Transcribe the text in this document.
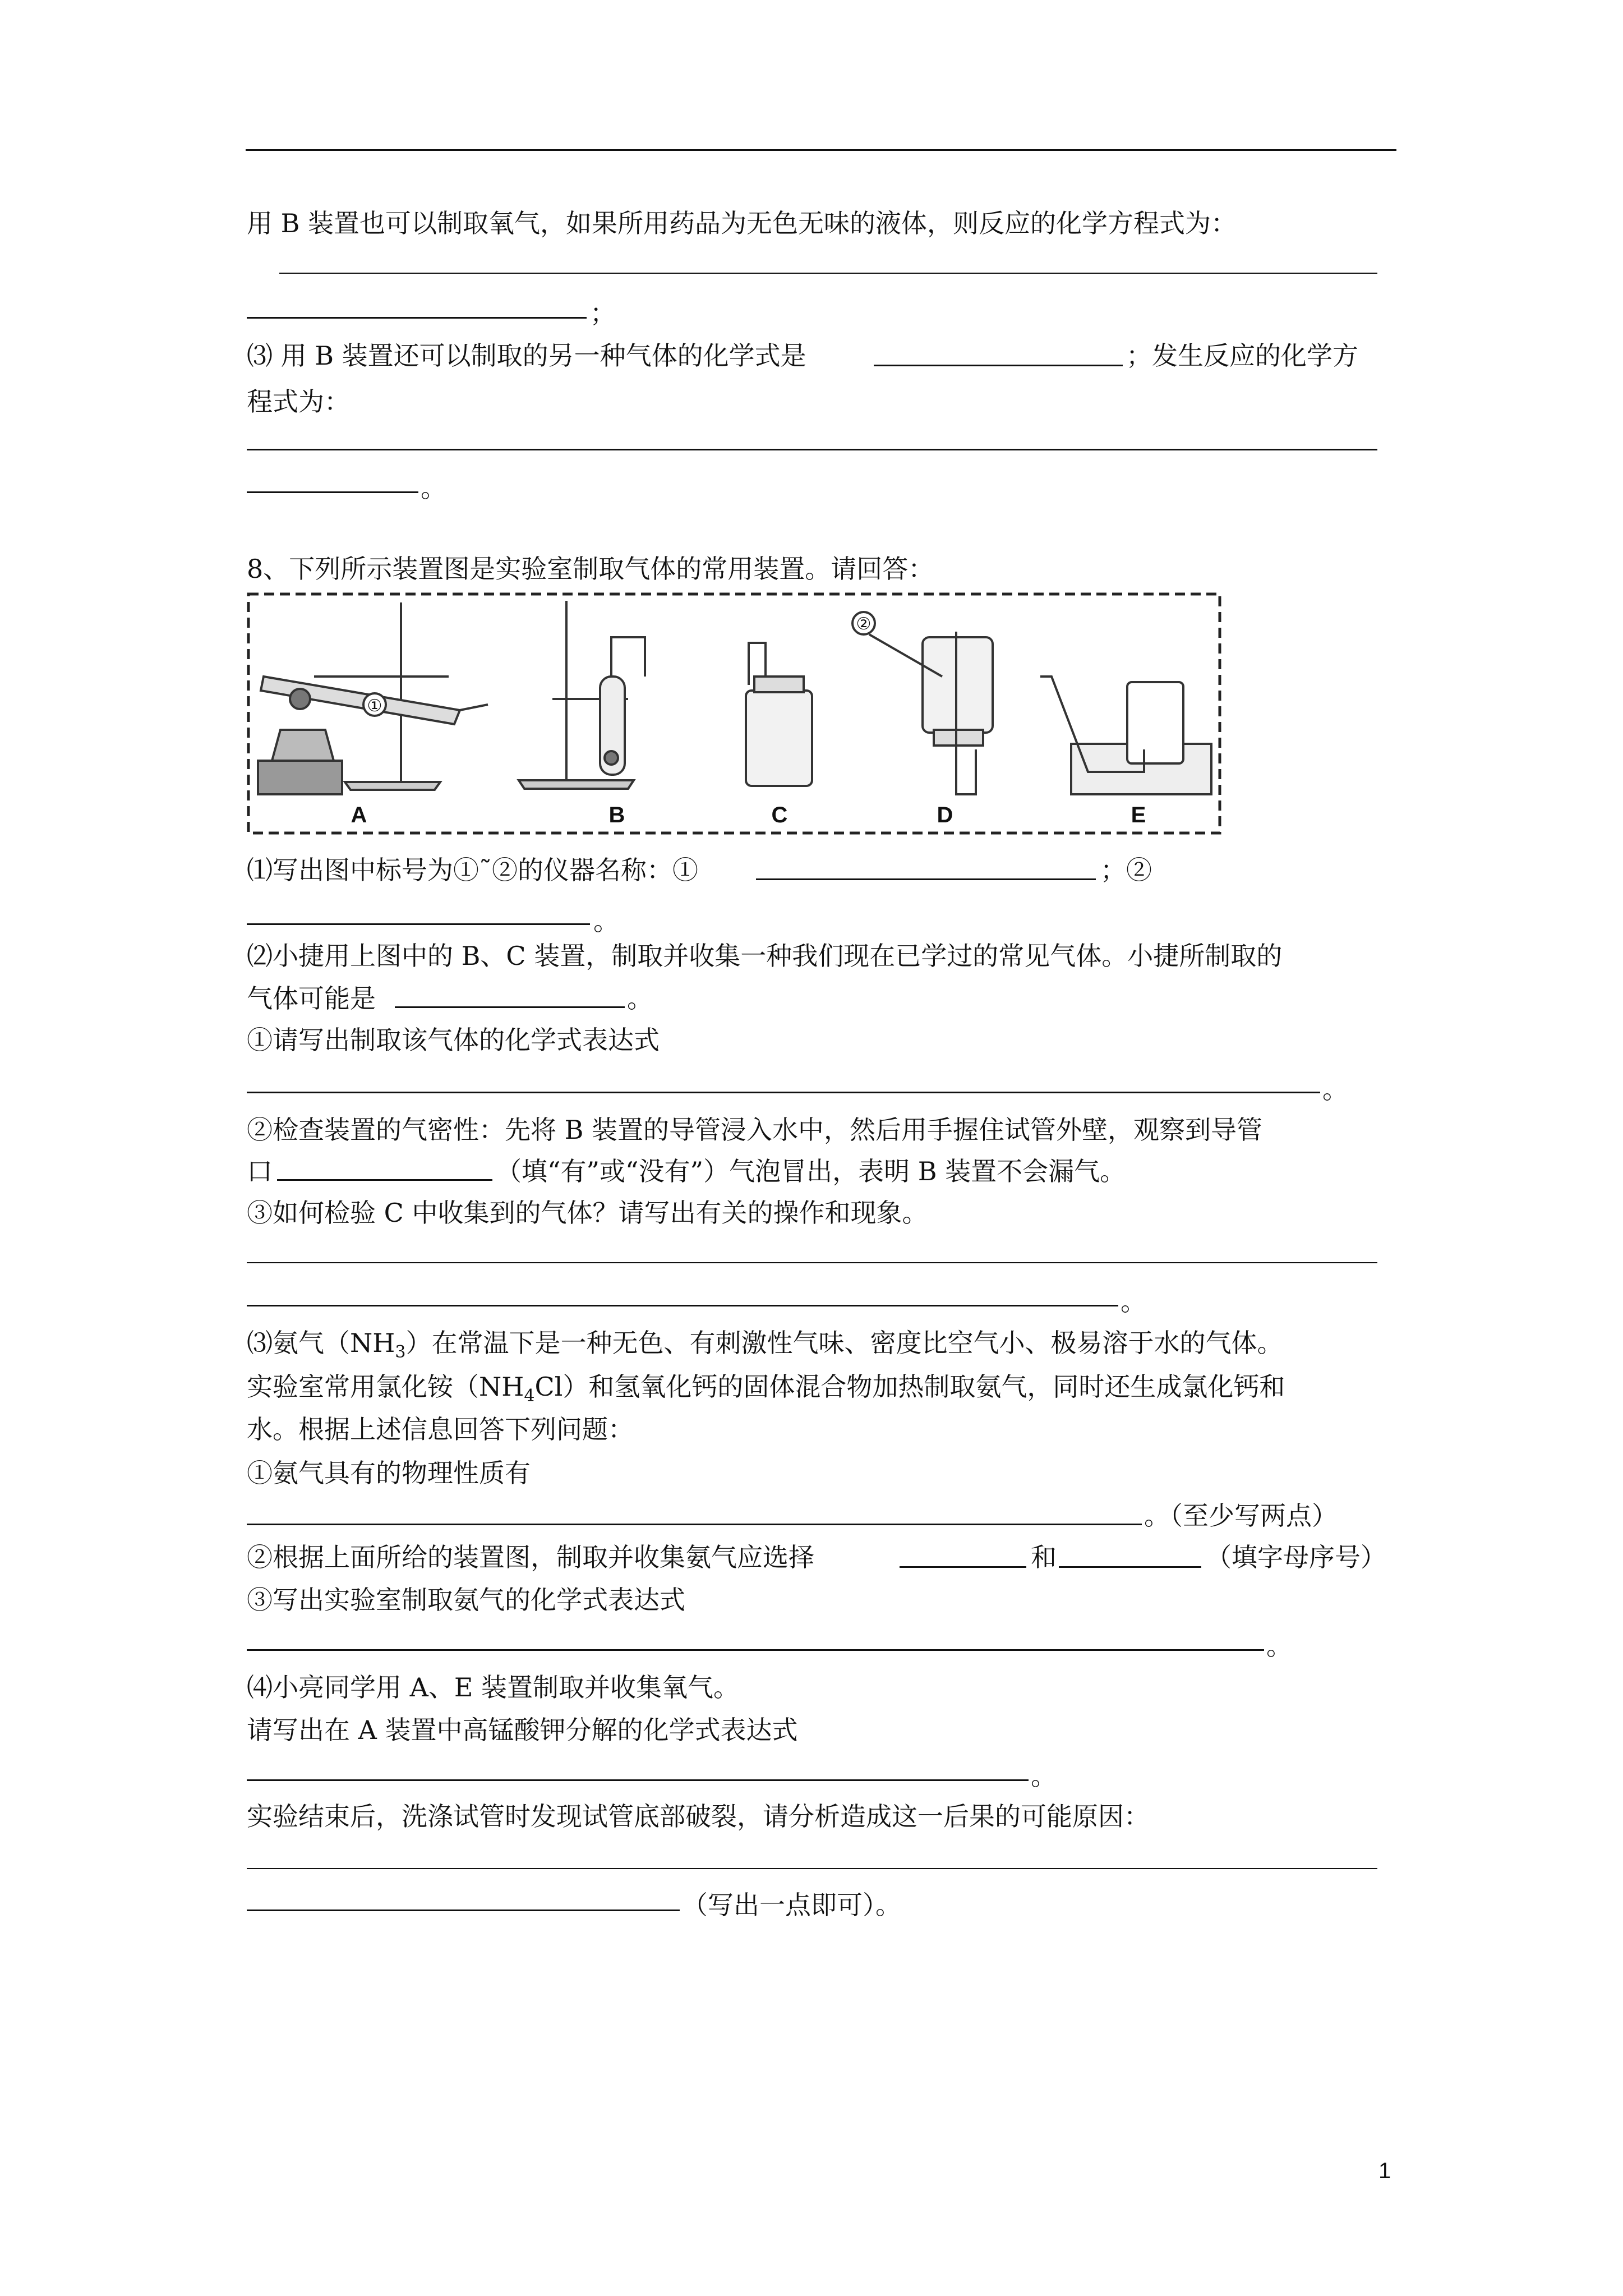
用 B 装置也可以制取氧气，如果所用药品为无色无味的液体，则反应的化学方程式为：
；
⑶ 用 B 装置还可以制取的另一种气体的化学式是	；发生反应的化学方
程式为：
。
8、下列所示装置图是实验室制取气体的常用装置。请回答：
①
②
A	B	C	D	E
⑴写出图中标号为①˜②的仪器名称：①	；②
。
⑵小捷用上图中的 B、C 装置，制取并收集一种我们现在已学过的常见气体。小捷所制取的
气体可能是	。
①请写出制取该气体的化学式表达式
。
②检查装置的气密性：先将 B 装置的导管浸入水中，然后用手握住试管外壁，观察到导管
口	（填“有”或“没有”）气泡冒出，表明 B 装置不会漏气。
③如何检验 C 中收集到的气体？请写出有关的操作和现象。
。
⑶氨气$(NH_3)$在常温下是一种无色、有刺激性气味、密度比空气小、极易溶于水的气体。
实验室常用氯化铵$(NH_4Cl)$和氢氧化钙的固体混合物加热制取氨气，同时还生成氯化钙和
水。根据上述信息回答下列问题：
①氨气具有的物理性质有
。（至少写两点）
②根据上面所给的装置图，制取并收集氨气应选择	和	（填字母序号）
③写出实验室制取氨气的化学式表达式
。
⑷小亮同学用 A、E 装置制取并收集氧气。
请写出在 A 装置中高锰酸钾分解的化学式表达式
。
实验结束后，洗涤试管时发现试管底部破裂，请分析造成这一后果的可能原因：
（写出一点即可）。
1
